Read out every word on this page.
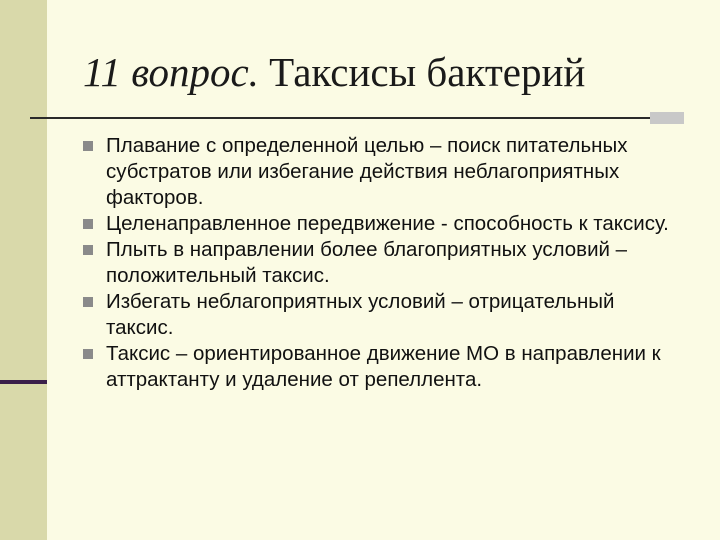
11 вопрос. Таксисы бактерий
Плавание с определенной целью – поиск питательных субстратов или избегание действия неблагоприятных факторов.
Целенаправленное передвижение - способность к таксису.
Плыть в направлении более благоприятных условий – положительный таксис.
Избегать неблагоприятных условий – отрицательный таксис.
Таксис – ориентированное движение МО в направлении к аттрактанту и удаление от репеллента.
